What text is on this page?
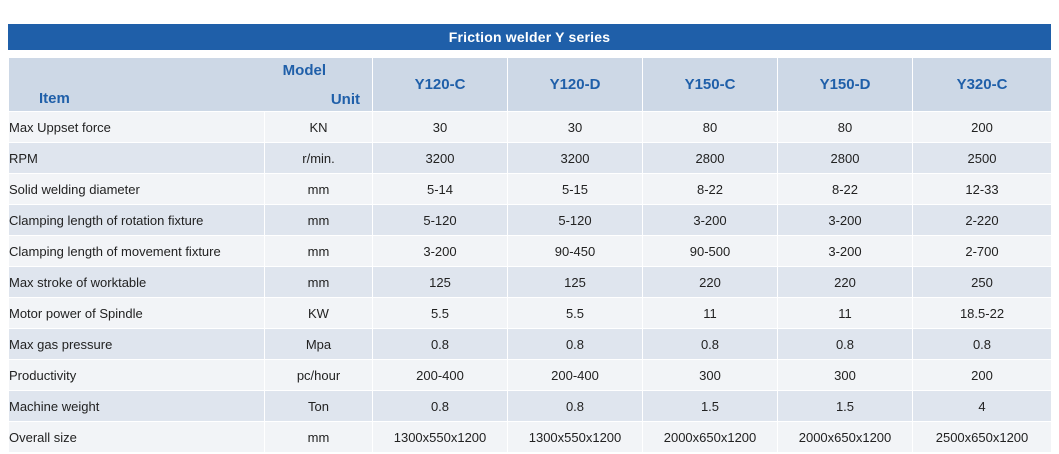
Friction welder Y series
Model
Unit
Item		Y120-C	Y120-D	Y150-C	Y150-D	Y320-C
Max Uppset force	KN	30	30	80	80	200
RPM	r/min.	3200	3200	2800	2800	2500
Solid welding diameter	mm	5-14	5-15	8-22	8-22	12-33
Clamping length of rotation fixture	mm	5-120	5-120	3-200	3-200	2-220
Clamping length of movement fixture	mm	3-200	90-450	90-500	3-200	2-700
Max stroke of worktable	mm	125	125	220	220	250
Motor power of Spindle	KW	5.5	5.5	11	11	18.5-22
Max gas pressure	Mpa	0.8	0.8	0.8	0.8	0.8
Productivity	pc/hour	200-400	200-400	300	300	200
Machine weight	Ton	0.8	0.8	1.5	1.5	4
Overall size	mm	1300x550x1200	1300x550x1200	2000x650x1200	2000x650x1200	2500x650x1200
